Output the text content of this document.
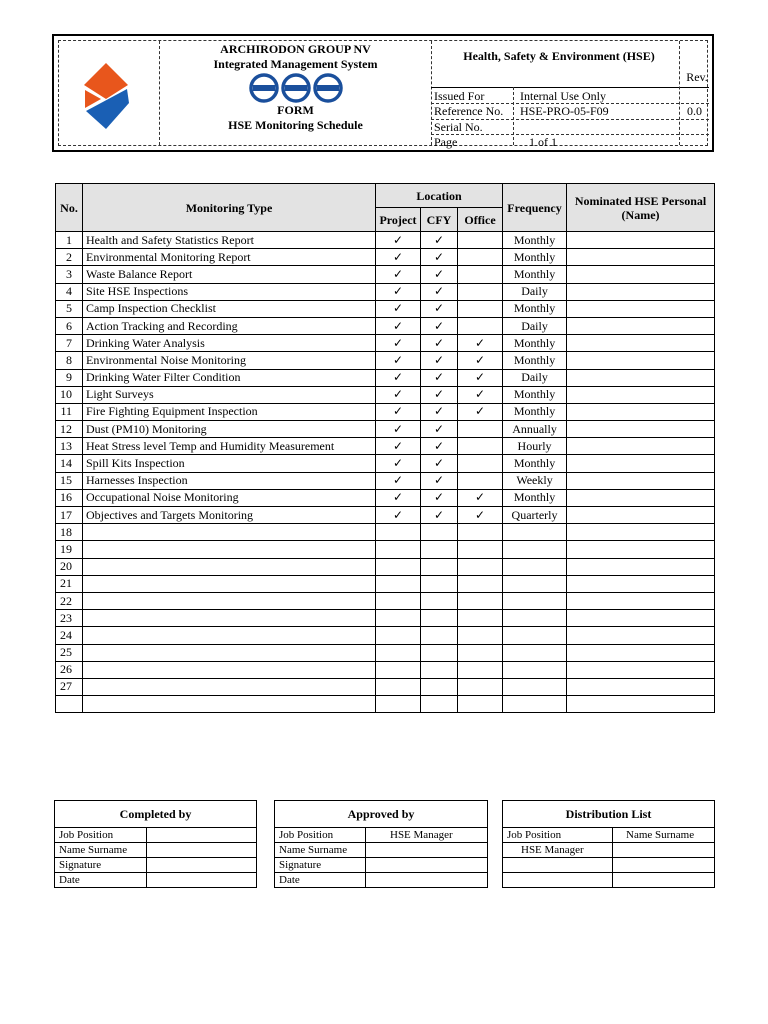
ARCHIRODON GROUP NV
Integrated Management System
FORM
HSE Monitoring Schedule
Health, Safety & Environment (HSE)
Rev.
Issued For	Internal Use Only
Reference No. HSE-PRO-05-F09	0.0
Serial No.
Page	1 of 1
No.	Monitoring Type	Location			Frequency	Nominated HSE Personal
(Name)

		Project	CFY	Office		
1	Health and Safety Statistics Report	✓	✓		Monthly	
2	Environmental Monitoring Report	✓	✓		Monthly	
3	Waste Balance Report	✓	✓		Monthly	
4	Site HSE Inspections	✓	✓		Daily	
5	Camp Inspection Checklist	✓	✓		Monthly	
6	Action Tracking and Recording	✓	✓		Daily	
7	Drinking Water Analysis	✓	✓	✓	Monthly	
8	Environmental Noise Monitoring	✓	✓	✓	Monthly	
9	Drinking Water Filter Condition	✓	✓	✓	Daily	
10	Light Surveys	✓	✓	✓	Monthly	
11	Fire Fighting Equipment Inspection	✓	✓	✓	Monthly	
12	Dust (PM10) Monitoring	✓	✓		Annually	
13	Heat Stress level Temp and Humidity Measurement	✓	✓		Hourly	
14	Spill Kits Inspection	✓	✓		Monthly	
15	Harnesses Inspection	✓	✓		Weekly	
16	Occupational Noise Monitoring	✓	✓	✓	Monthly	
17	Objectives and Targets Monitoring	✓	✓	✓	Quarterly	
18						
19						
20						
21						
22						
23						
24						
25						
26						
27						

Completed by	
Job Position	
Name Surname	
Signature	
Date	
Approved by	
Job Position	HSE Manager
Name Surname	
Signature	
Date	
Distribution List	
Job Position	Name Surname
HSE Manager	
